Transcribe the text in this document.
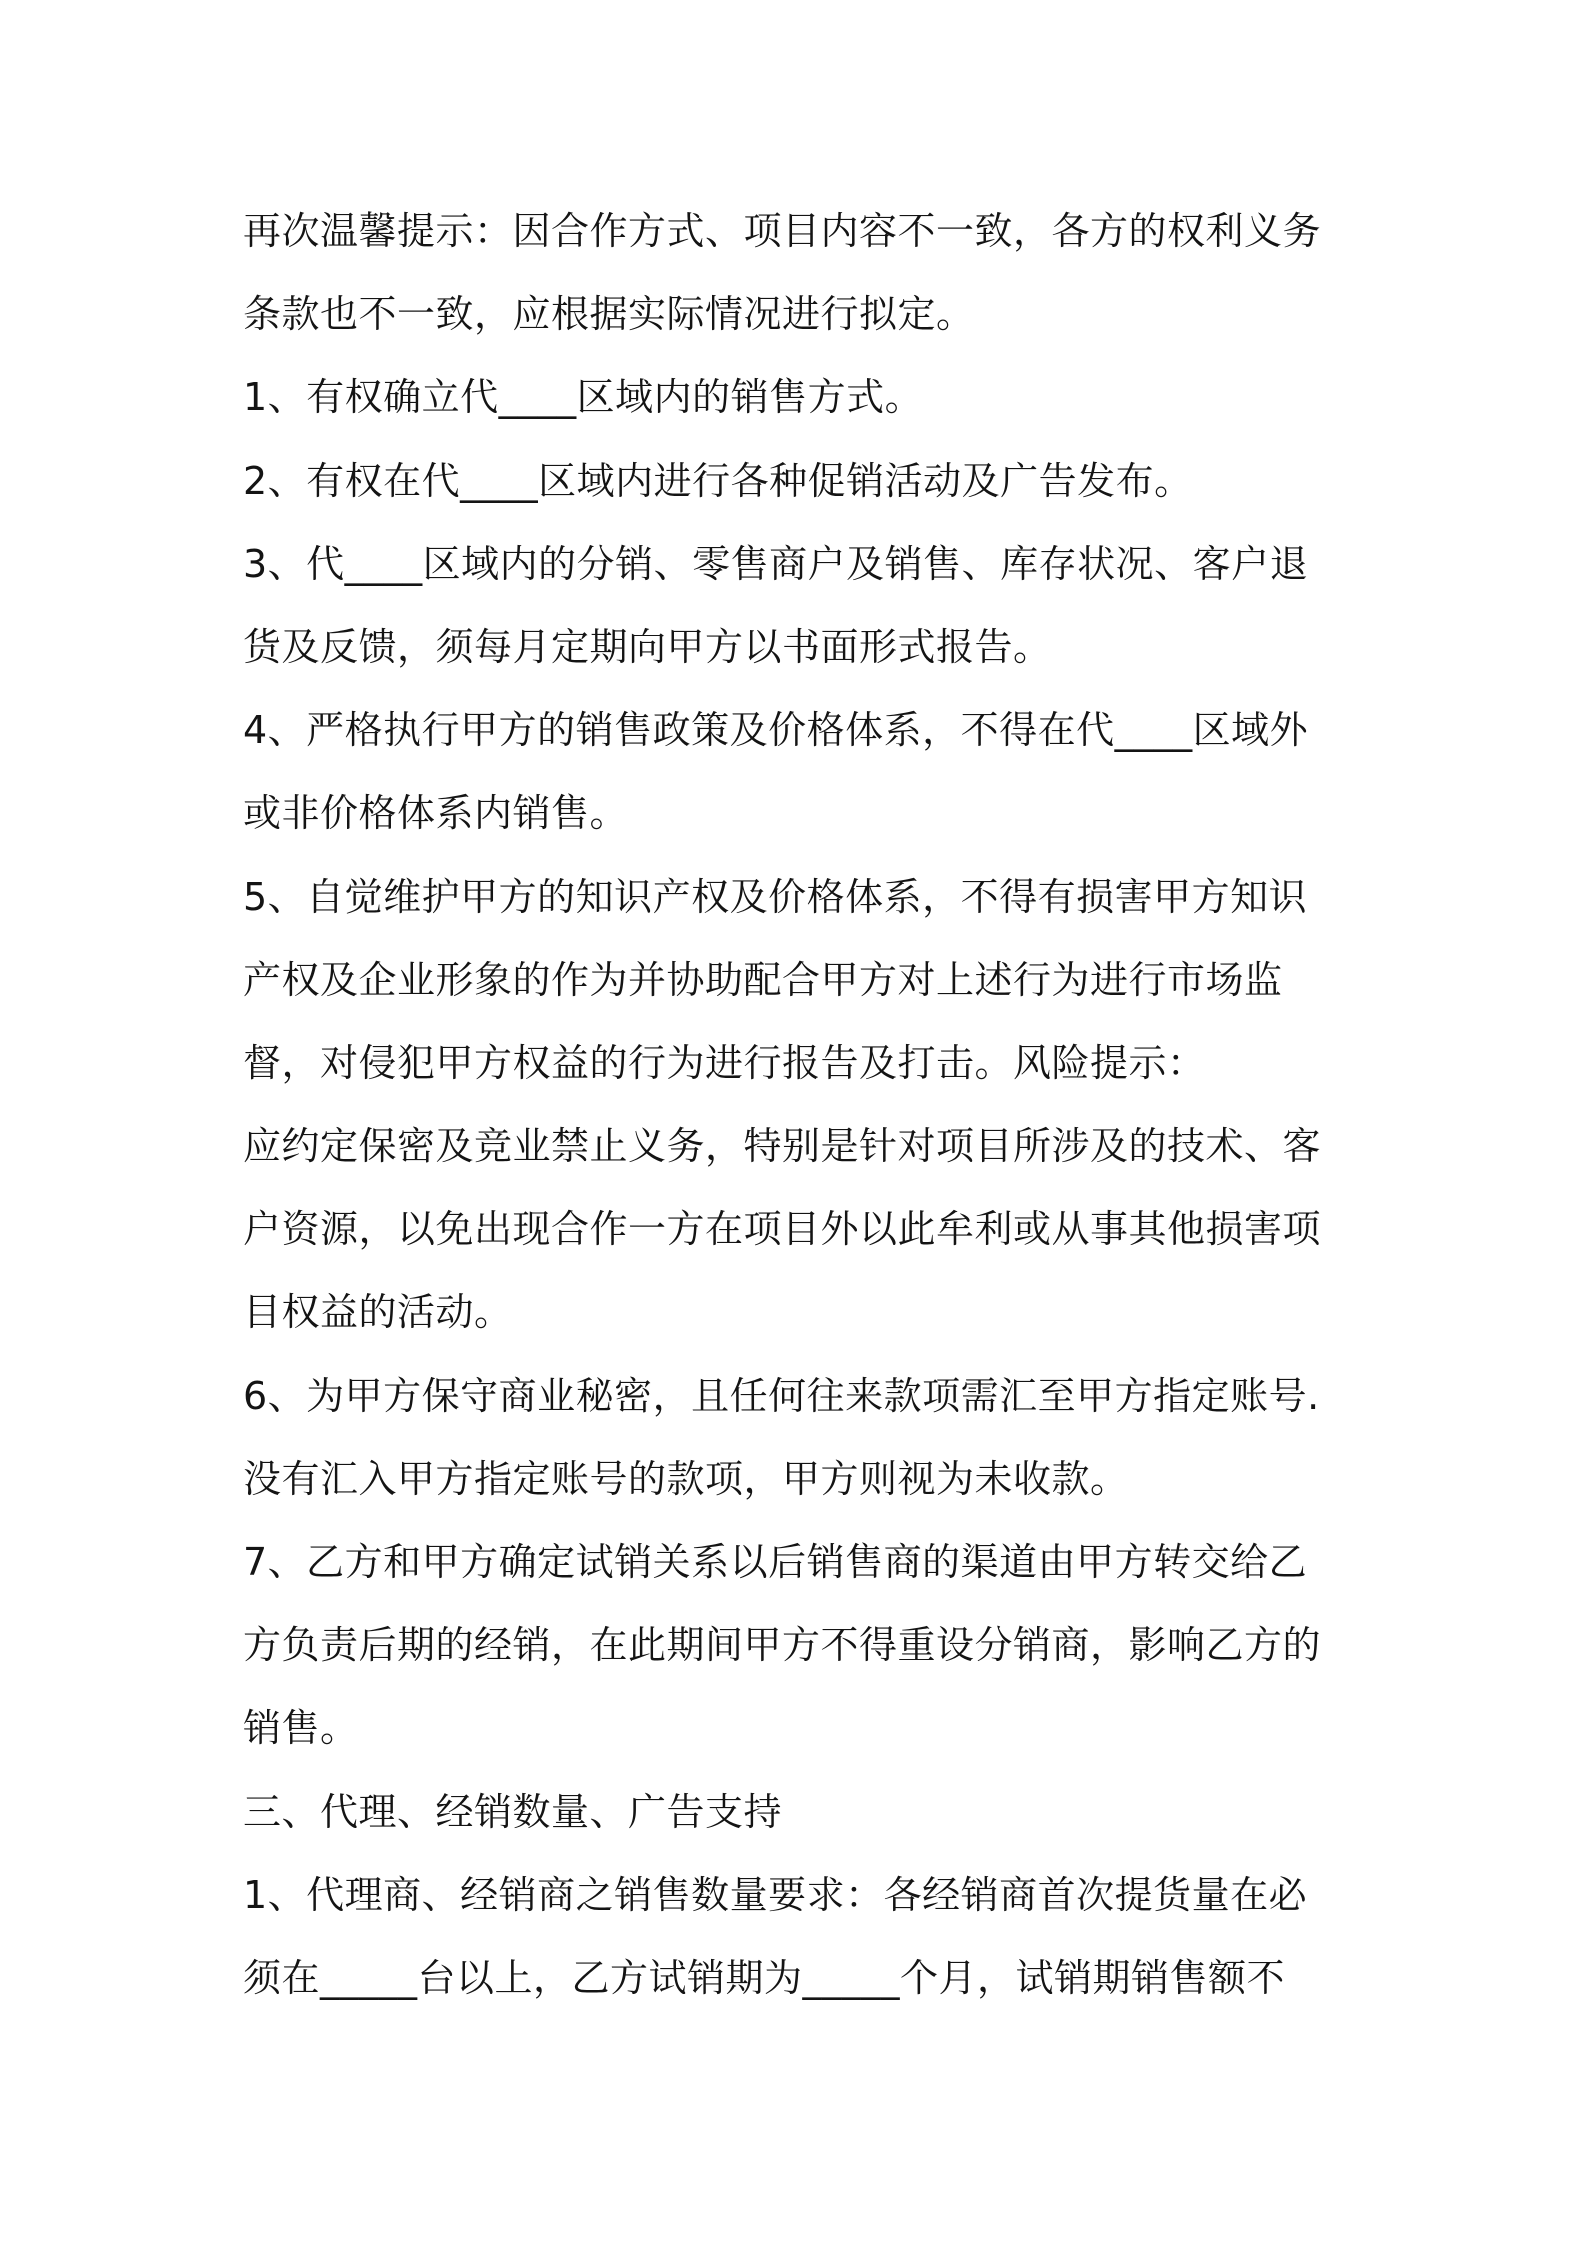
再次温馨提示：因合作方式、项目内容不一致，各方的权利义务
条款也不一致，应根据实际情况进行拟定。
1、有权确立代____区域内的销售方式。
2、有权在代____区域内进行各种促销活动及广告发布。
3、代____区域内的分销、零售商户及销售、库存状况、客户退
货及反馈，须每月定期向甲方以书面形式报告。
4、严格执行甲方的销售政策及价格体系，不得在代____区域外
或非价格体系内销售。
5、自觉维护甲方的知识产权及价格体系，不得有损害甲方知识
产权及企业形象的作为并协助配合甲方对上述行为进行市场监
督，对侵犯甲方权益的行为进行报告及打击。风险提示：
应约定保密及竞业禁止义务，特别是针对项目所涉及的技术、客
户资源，以免出现合作一方在项目外以此牟利或从事其他损害项
目权益的活动。
6、为甲方保守商业秘密，且任何往来款项需汇至甲方指定账号.
没有汇入甲方指定账号的款项，甲方则视为未收款。
7、乙方和甲方确定试销关系以后销售商的渠道由甲方转交给乙
方负责后期的经销，在此期间甲方不得重设分销商，影响乙方的
销售。
三、代理、经销数量、广告支持
1、代理商、经销商之销售数量要求：各经销商首次提货量在必
须在_____台以上，乙方试销期为_____个月，试销期销售额不
